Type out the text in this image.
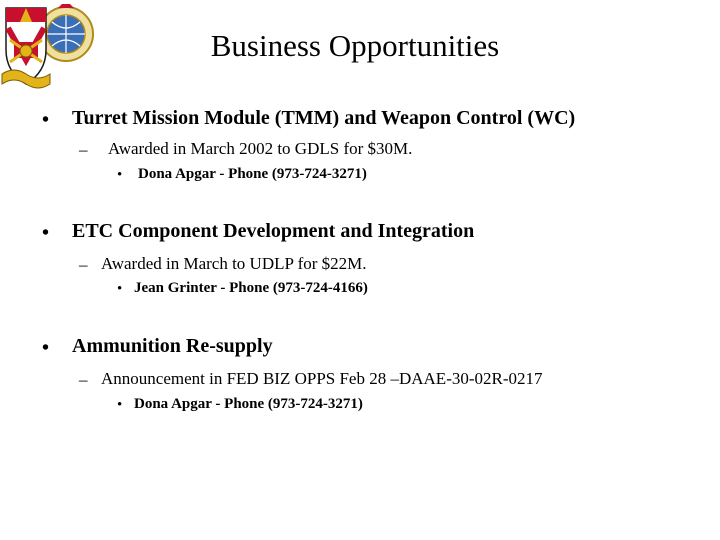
Business Opportunities
• Turret Mission Module (TMM) and Weapon Control (WC)
– Awarded in March 2002 to GDLS for $30M.
• Dona Apgar - Phone (973-724-3271)
• ETC Component Development and Integration
– Awarded in March to UDLP for $22M.
• Jean Grinter - Phone (973-724-4166)
• Ammunition Re-supply
– Announcement in FED BIZ OPPS Feb 28 –DAAE-30-02R-0217
• Dona Apgar - Phone (973-724-3271)
